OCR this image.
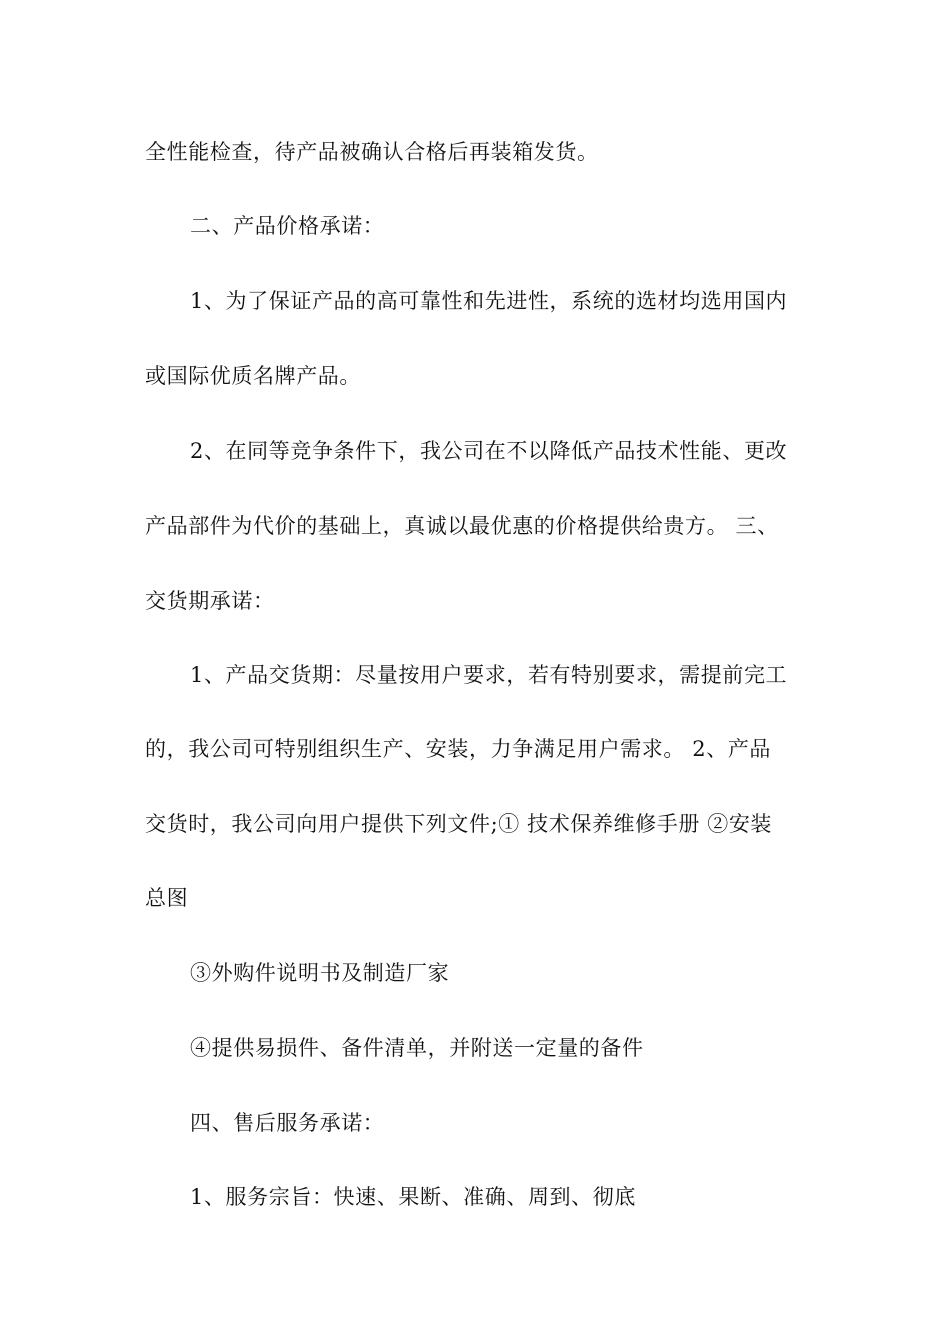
全性能检查，待产品被确认合格后再装箱发货。
二、产品价格承诺：
1、为了保证产品的高可靠性和先进性，系统的选材均选用国内
或国际优质名牌产品。
2、在同等竞争条件下，我公司在不以降低产品技术性能、更改
产品部件为代价的基础上，真诚以最优惠的价格提供给贵方。 三、
交货期承诺：
1、产品交货期：尽量按用户要求，若有特别要求，需提前完工
的，我公司可特别组织生产、安装，力争满足用户需求。 2、产品
交货时，我公司向用户提供下列文件;① 技术保养维修手册 ②安装
总图
③外购件说明书及制造厂家
④提供易损件、备件清单，并附送一定量的备件
四、售后服务承诺：
1、服务宗旨：快速、果断、准确、周到、彻底
